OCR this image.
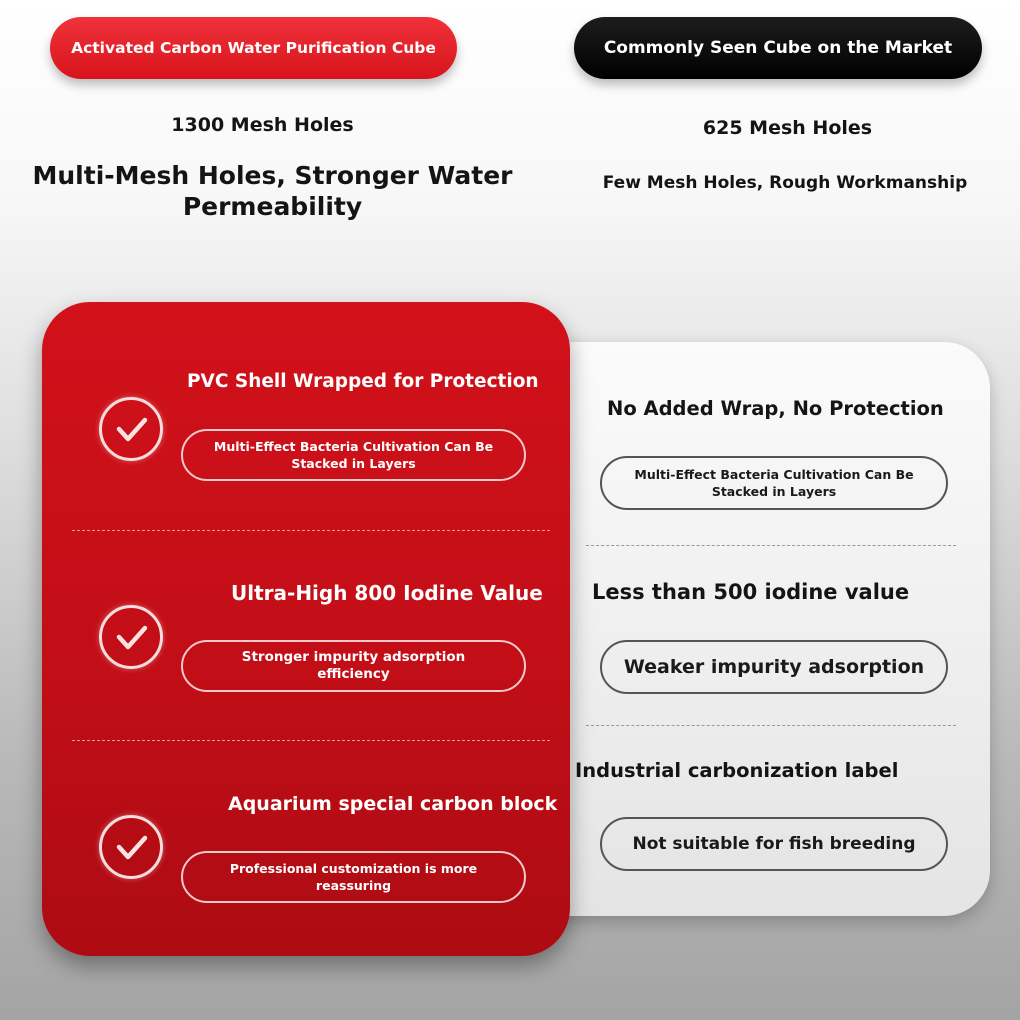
Activated Carbon Water Purification Cube	Commonly Seen Cube on the Market
1300 Mesh Holes	625 Mesh Holes
Multi-Mesh Holes, Stronger Water Permeability
Few Mesh Holes, Rough Workmanship
No Added Wrap, No Protection
Multi-Effect Bacteria Cultivation Can Be Stacked in Layers
Less than 500 iodine value
Weaker impurity adsorption
Industrial carbonization label
Not suitable for fish breeding
PVC Shell Wrapped for Protection
Multi-Effect Bacteria Cultivation Can Be Stacked in Layers
Ultra-High 800 Iodine Value
Stronger impurity adsorption efficiency
Aquarium special carbon block
Professional customization is more reassuring
